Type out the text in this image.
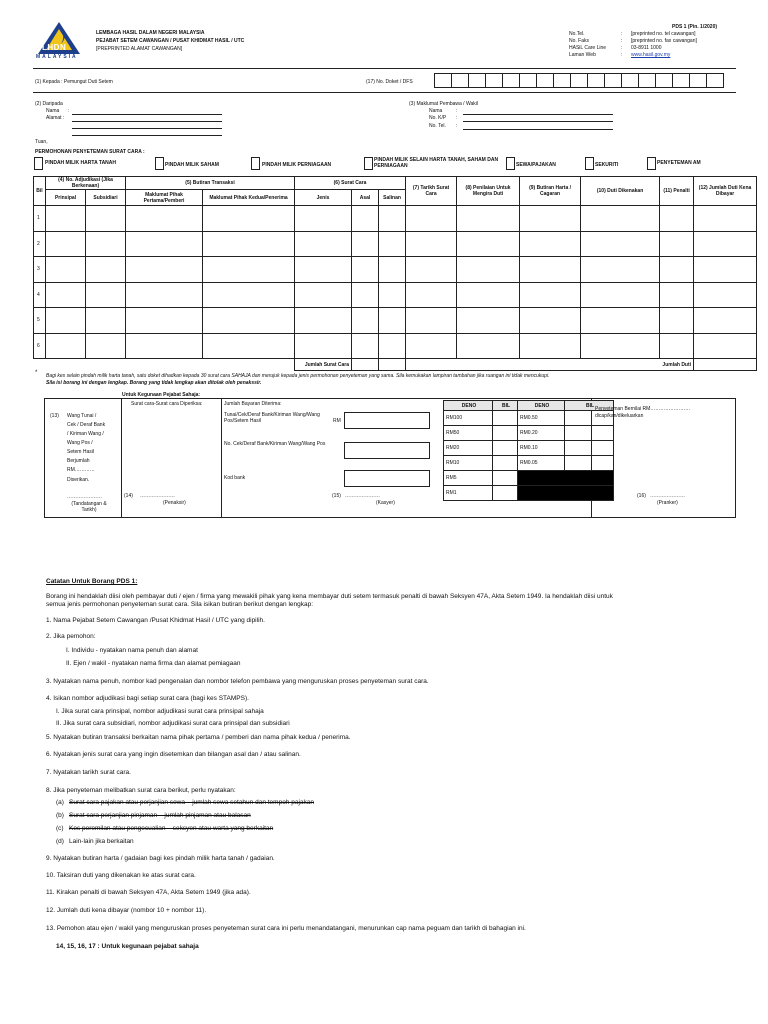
LHDN
MALAYSIA
LEMBAGA HASIL DALAM NEGERI MALAYSIA
PEJABAT SETEM CAWANGAN / PUSAT KHIDMAT HASIL / UTC
[PREPRINTED ALAMAT CAWANGAN]
PDS 1 (Pin. 1/2020)
No.Tel.	: [preprinted no. tel cawangan]
No. Faks	: [preprinted no. fax cawangan]
HASiL Care Line	: 03-8911 1000
Laman Web	: www.hasil.gov.my
(1) Kepada : Pemungut Duti Setem	(17) No. Doket / DFS
(2) Daripada
Nama :
Alamat :
(3) Maklumat Pembawa / Wakil
Nama	:
No. K/P :
No. Tel. :
Tuan,
PERMOHONAN PENYETEMAN SURAT CARA :
PINDAH MILIK HARTA TANAH	PINDAH MILIK SAHAM	PINDAH MILIK PERNIAGAAN
PINDAH MILIK SELAIN HARTA TANAH, SAHAM DAN PERNIAGAAN	SEWA/PAJAKAN	SEKURITI	PENYETEMAN AM
Bil	(4) No. Adjudikasi (Jika Berkenaan)		(5) Butiran Transaksi		(6) Surat Cara			(7) Tarikh Surat Cara	(8) Penilaian Untuk Mengira Duti	(9) Butiran Harta / Cagaran	(10) Duti Dikenakan	(11) Penalti	(12) Jumlah Duti Kena Dibayar
	Prinsipal	Subsidiari	Maklumat Pihak Pertama/Pemberi	Maklumat Pihak Kedua/Penerima	Jenis	Asal	Salinan						
1													
2													
3													
4													
5													
6													
					Jumlah Surat Cara			Jumlah Duti					
* Bagi kes selain pindah milik harta tanah, satu doket dihadkan kepada 30 surat cara SAHAJA dan merujuk kepada jenis permohonan penyeteman yang sama. Sila kemukakan lampiran tambahan jika ruangan ini tidak mencukupi.
Sila isi borang ini dengan lengkap. Borang yang tidak lengkap akan ditolak oleh penakssir.
Untuk Kegunaan Pejabat Sahaja:
(13) Wang Tunai /
Cek / Deraf Bank
/ Kiriman Wang /
Wang Pos /
Setem Hasil
Berjumlah
RM…………
Diserikan.
…………………
(Tandatangan & Tarikh)
Surat cara-Surat cara Diperiksa:
(14) …………………
(Penaksir)
Jumlah Bayaran Diterima:
Tunai/Cek/Deraf Bank/Kiriman Wang/Wang Pos/Setem Hasil	RM
No. Cek/Deraf Bank/Kiriman Wang/Wang Pos
Kod bank
(15) …………………
(Kasyer)
DENO	BIL	DENO	BIL
RM100		RM0.50	
RM50		RM0.20	
RM20		RM0.10	
RM10		RM0.05	
RM5			
RM1			
Penyeteman Bernilai RM……………………
dicap/kan/dikeluarkan
(16) …………………
(Pranker)

Catatan Untuk Borang PDS 1:

Borang ini hendaklah diisi oleh pembayar duti / ejen / firma yang mewakili pihak yang kena membayar duti setem termasuk penalti di bawah Seksyen 47A, Akta Setem 1949. Ia hendaklah diisi untuk

semua jenis permohonan penyeteman surat cara. Sila isikan butiran berikut dengan lengkap:

1. Nama Pejabat Setem Cawangan /Pusat Khidmat Hasil / UTC yang dipilih.

2. Jika pemohon:

I. Individu - nyatakan nama penuh dan alamat

II. Ejen / wakil - nyatakan nama firma dan alamat pemiagaan

3. Nyatakan nama penuh, nombor kad pengenalan dan nombor telefon pembawa yang menguruskan proses penyeteman surat cara.

4. Isikan nombor adjudikasi bagi setiap surat cara (bagi kes STAMPS).

I. Jika surat cara prinsipal, nombor adjudikasi surat cara prinsipal sahaja

II. Jika surat cara subsidiari, nombor adjudikasi surat cara prinsipal dan subsidiari

5. Nyatakan butiran transaksi berkaitan nama pihak pertama / pemberi dan nama pihak kedua / penerima.

6. Nyatakan jenis surat cara yang ingin disetemkan dan bilangan asal dan / atau salinan.

7. Nyatakan tarikh surat cara.

8. Jika penyeteman melibatkan surat cara berikut, perlu nyatakan:

(a) Surat cara pajakan atau perjanjian sewa – jumlah sewa setahun dan tempoh pajakan

(b) Surat cara perjanjian pinjaman – jumlah pinjaman atau balasan

(c) Kes peremilan atau pengecualian – seksyen atau warta yang berkaitan

(d) Lain-lain jika berkaitan

9. Nyatakan butiran harta / gadaian bagi kes pindah milik harta tanah / gadaian.

10. Taksiran duti yang dikenakan ke atas surat cara.

11. Kirakan penalti di bawah Seksyen 47A, Akta Setem 1949 (jika ada).

12. Jumlah duti kena dibayar (nombor 10 + nombor 11).

13. Pemohon atau ejen / wakil yang menguruskan proses penyeteman surat cara ini perlu menandatangani, menurunkan cap nama peguam dan tarikh di bahagian ini.

14, 15, 16, 17 : Untuk kegunaan pejabat sahaja
